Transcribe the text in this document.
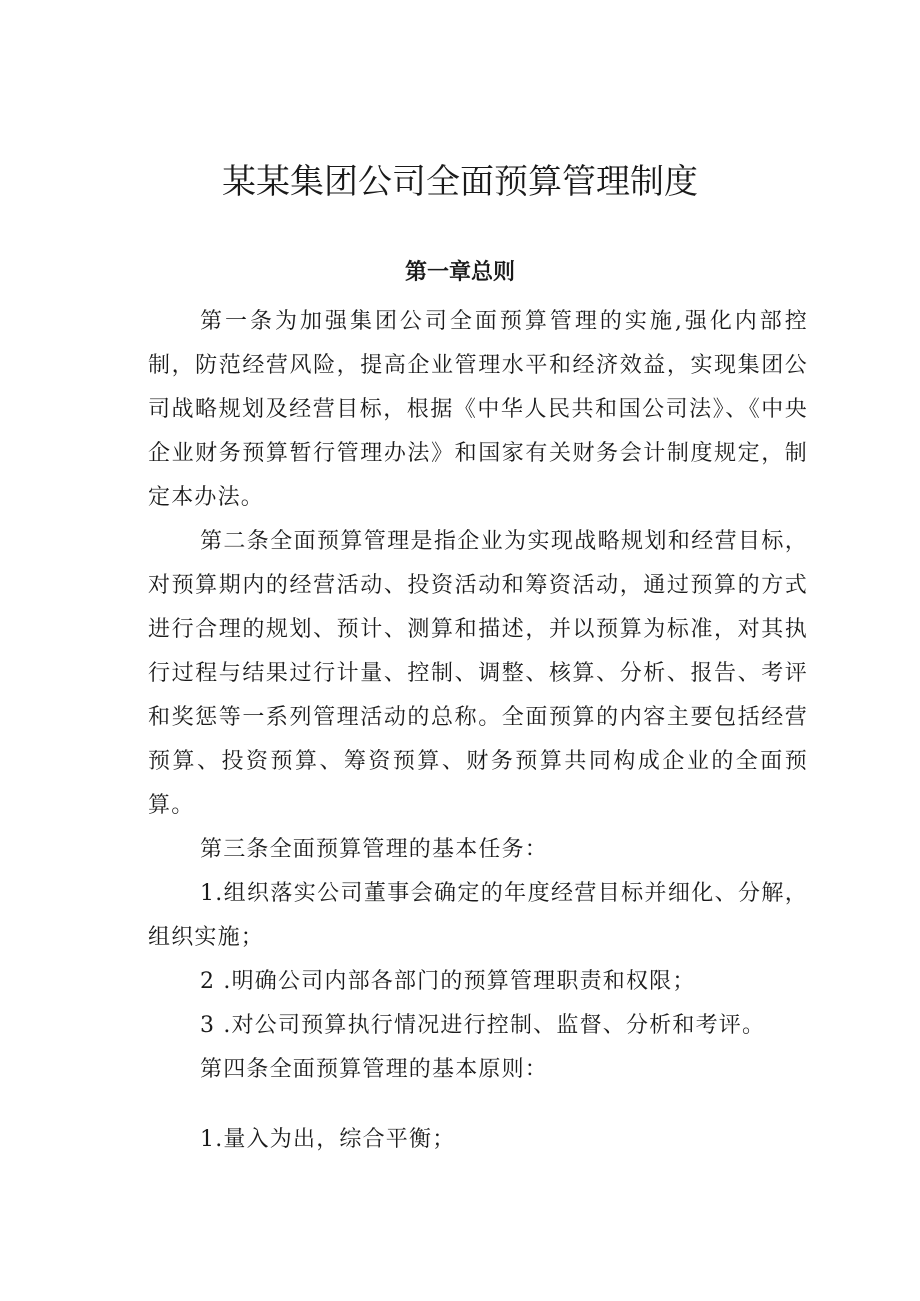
某某集团公司全面预算管理制度
第一章总则

第一条为加强集团公司全面预算管理的实施,强化内部控制，防范经营风险，提高企业管理水平和经济效益，实现集团公司战略规划及经营目标，根据《中华人民共和国公司法》、《中央企业财务预算暂行管理办法》和国家有关财务会计制度规定，制定本办法。

第二条全面预算管理是指企业为实现战略规划和经营目标，对预算期内的经营活动、投资活动和筹资活动，通过预算的方式进行合理的规划、预计、测算和描述，并以预算为标准，对其执行过程与结果过行计量、控制、调整、核算、分析、报告、考评和奖惩等一系列管理活动的总称。全面预算的内容主要包括经营预算、投资预算、筹资预算、财务预算共同构成企业的全面预算。

第三条全面预算管理的基本任务：

1.组织落实公司董事会确定的年度经营目标并细化、分解，组织实施；

2 .明确公司内部各部门的预算管理职责和权限；

3 .对公司预算执行情况进行控制、监督、分析和考评。

第四条全面预算管理的基本原则：

1.量入为出，综合平衡；
